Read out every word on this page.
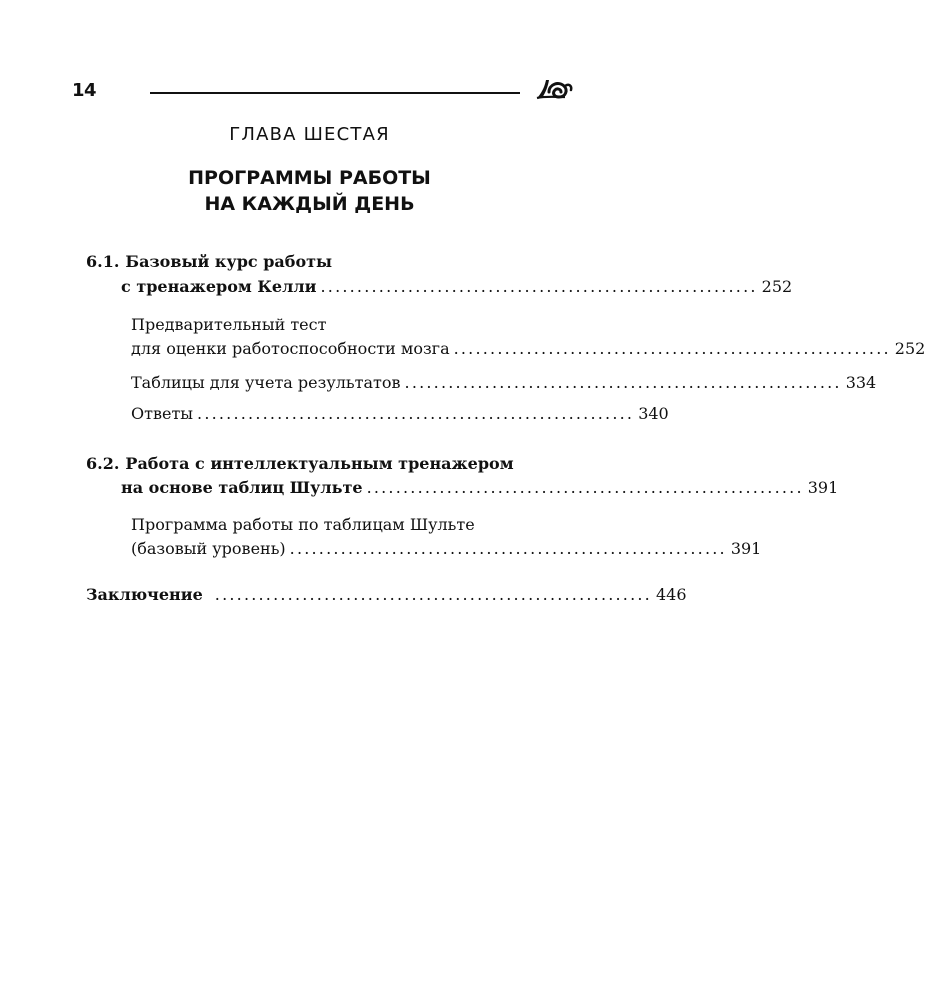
14
ГЛАВА ШЕСТАЯ
ПРОГРАММЫ РАБОТЫ
НА КАЖДЫЙ ДЕНЬ
6.1. Базовый курс работы
с тренажером Келли ............................................................ 252
Предварительный тест
для оценки работоспособности мозга ............................................................ 252
Таблицы для учета результатов ............................................................ 334
Ответы ............................................................ 340
6.2. Работа с интеллектуальным тренажером
на основе таблиц Шульте ............................................................ 391
Программа работы по таблицам Шульте
(базовый уровень) ............................................................ 391
Заключение ............................................................ 446
